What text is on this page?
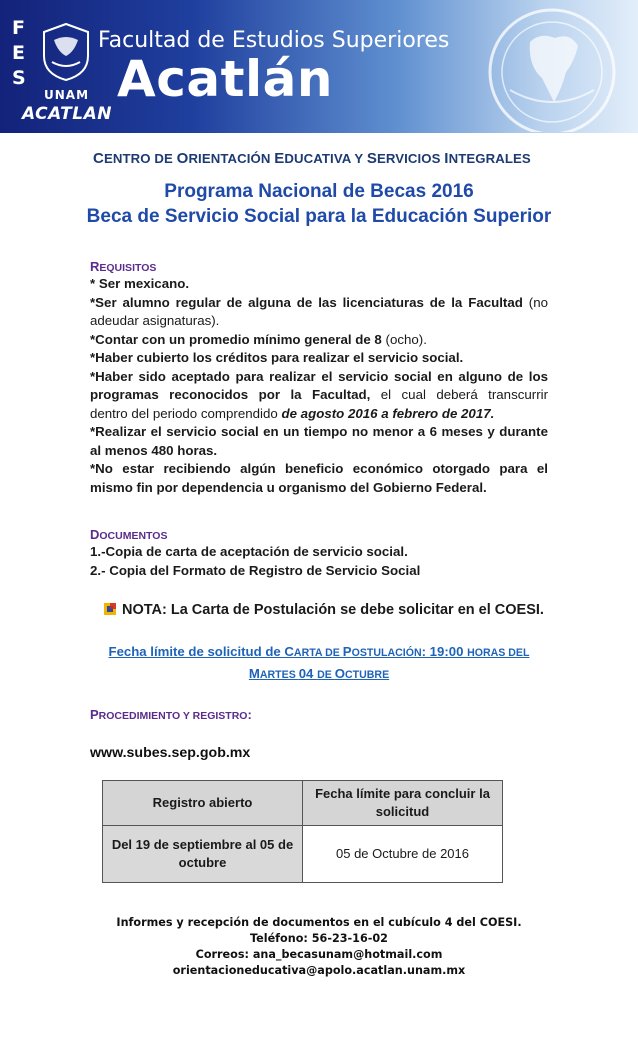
F
E
S
UNAM
ACATLAN
Facultad de Estudios Superiores
Acatlán
CENTRO DE ORIENTACIÓN EDUCATIVA Y SERVICIOS INTEGRALES
Programa Nacional de Becas 2016
Beca de Servicio Social para la Educación Superior
REQUISITOS
* Ser mexicano.
*Ser alumno regular de alguna de las licenciaturas de la Facultad (no
adeudar asignaturas).
*Contar con un promedio mínimo general de 8 (ocho).
*Haber cubierto los créditos para realizar el servicio social.
*Haber sido aceptado para realizar el servicio social en alguno de los
programas reconocidos por la Facultad, el cual deberá transcurrir
dentro del periodo comprendido de agosto 2016 a febrero de 2017.
*Realizar el servicio social en un tiempo no menor a 6 meses y durante
al menos 480 horas.
*No estar recibiendo algún beneficio económico otorgado para el
mismo fin por dependencia u organismo del Gobierno Federal.
DOCUMENTOS
1.-Copia de carta de aceptación de servicio social.
2.- Copia del Formato de Registro de Servicio Social
NOTA: La Carta de Postulación se debe solicitar en el COESI.
Fecha límite de solicitud de CARTA DE POSTULACIÓN: 19:00 HORAS DEL
MARTES 04 DE OCTUBRE
PROCEDIMIENTO Y REGISTRO:
www.subes.sep.gob.mx
Registro abierto	Fecha límite para concluir la solicitud
Del 19 de septiembre al 05 de octubre	05 de Octubre de 2016
Informes y recepción de documentos en el cubículo 4 del COESI.
Teléfono: 56-23-16-02
Correos: ana_becasunam@hotmail.com
orientacioneducativa@apolo.acatlan.unam.mx
